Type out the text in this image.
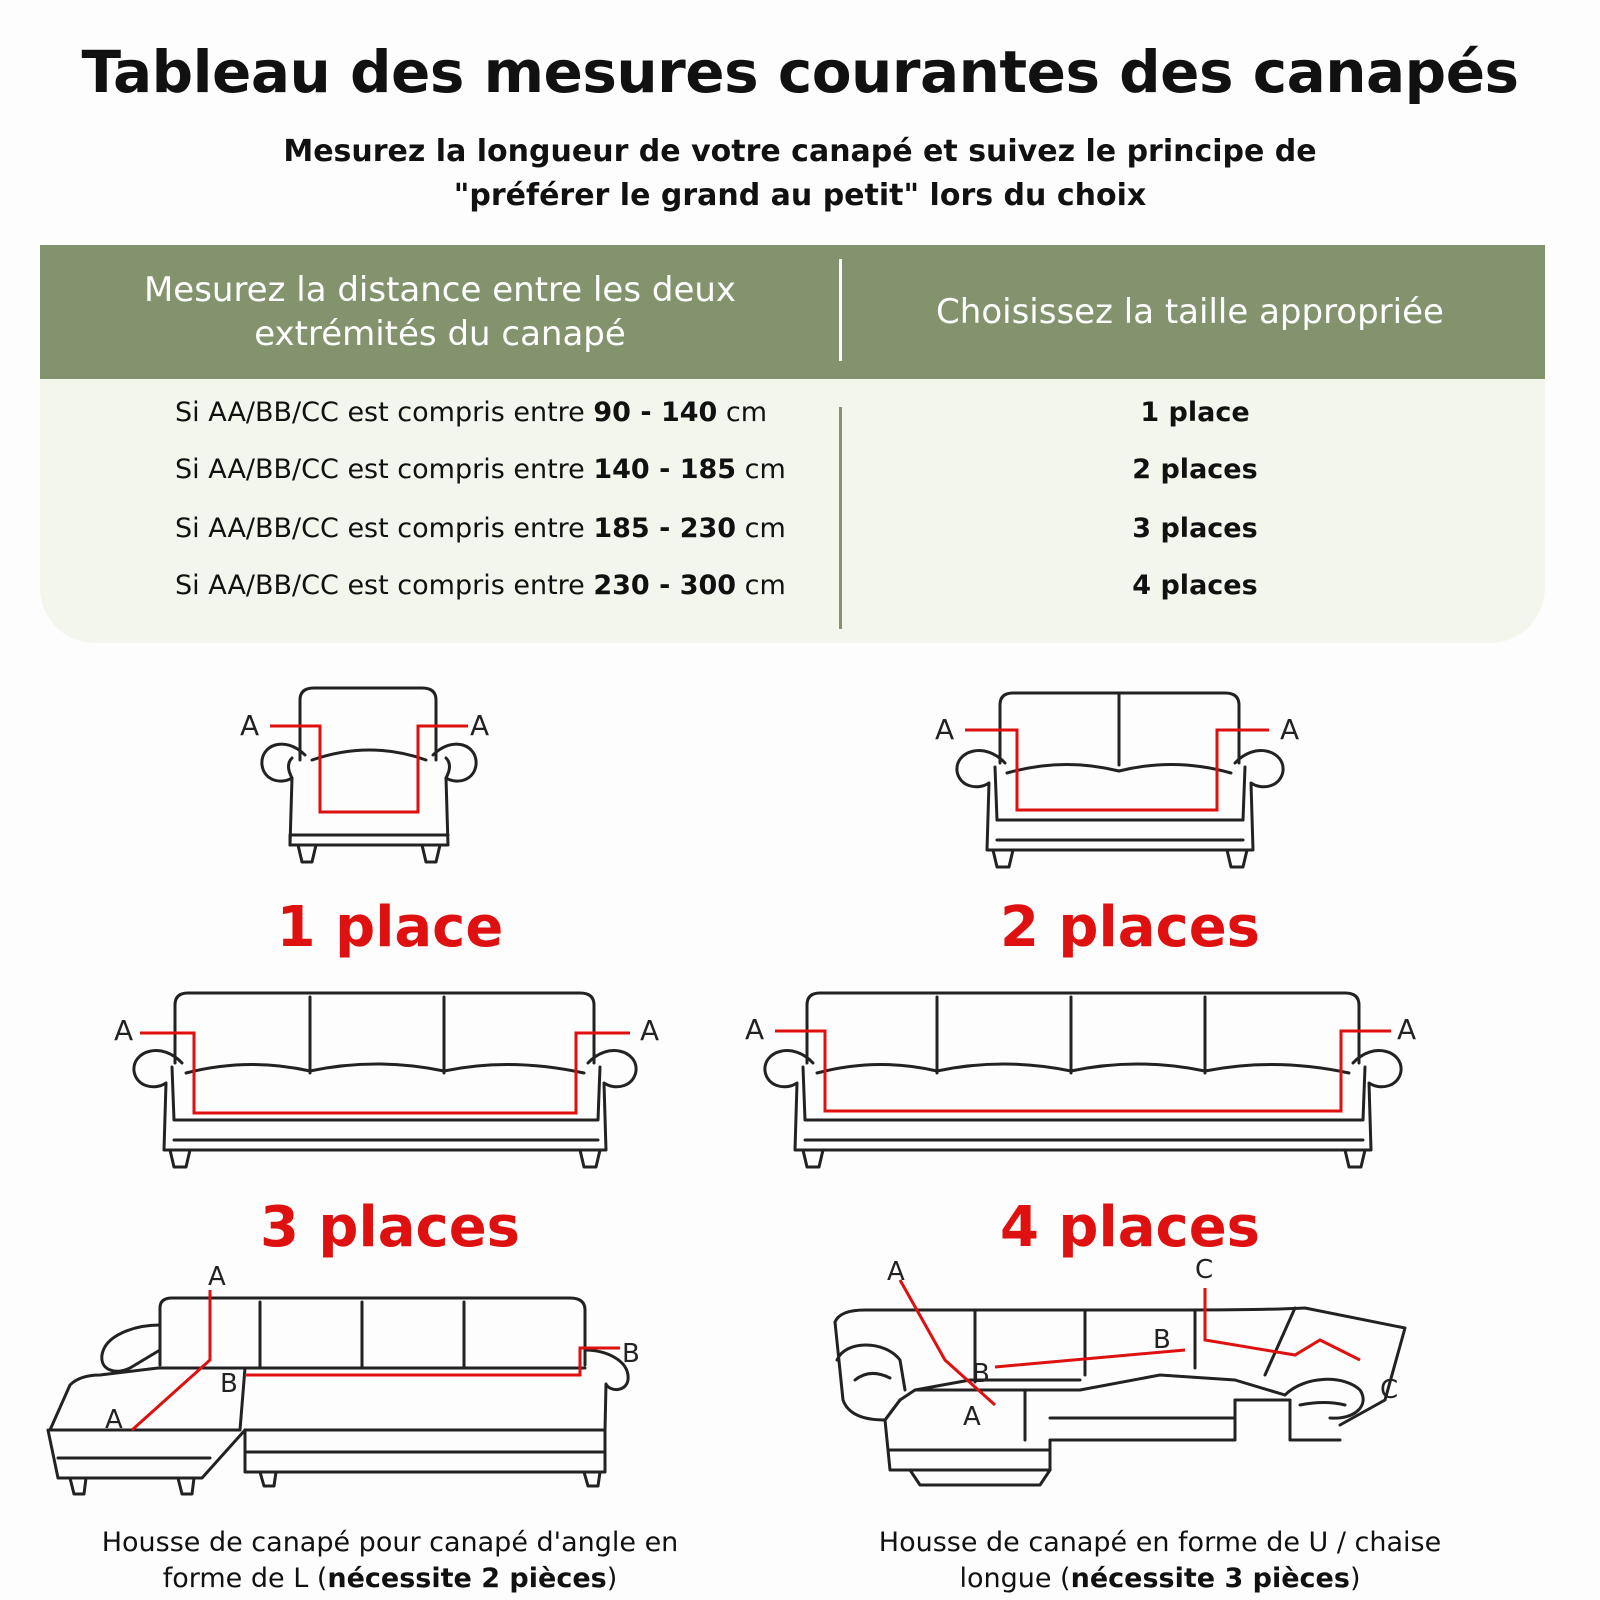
Tableau des mesures courantes des canapés
Mesurez la longueur de votre canapé et suivez le principe de
"préférer le grand au petit" lors du choix
Mesurez la distance entre les deux extrémités du canapé
Choisissez la taille appropriée
Si AA/BB/CC est compris entre 90 - 140 cm	1 place
Si AA/BB/CC est compris entre 140 - 185 cm	2 places
Si AA/BB/CC est compris entre 185 - 230 cm	3 places
Si AA/BB/CC est compris entre 230 - 300 cm	4 places
A	A
1 place
A	A
2 places
A	A
3 places
A	A
4 places
A
A
B
B
Housse de canapé pour canapé d'angle en forme de L (nécessite 2 pièces)
A
A
B
B
C
C
Housse de canapé en forme de U / chaise longue (nécessite 3 pièces)
